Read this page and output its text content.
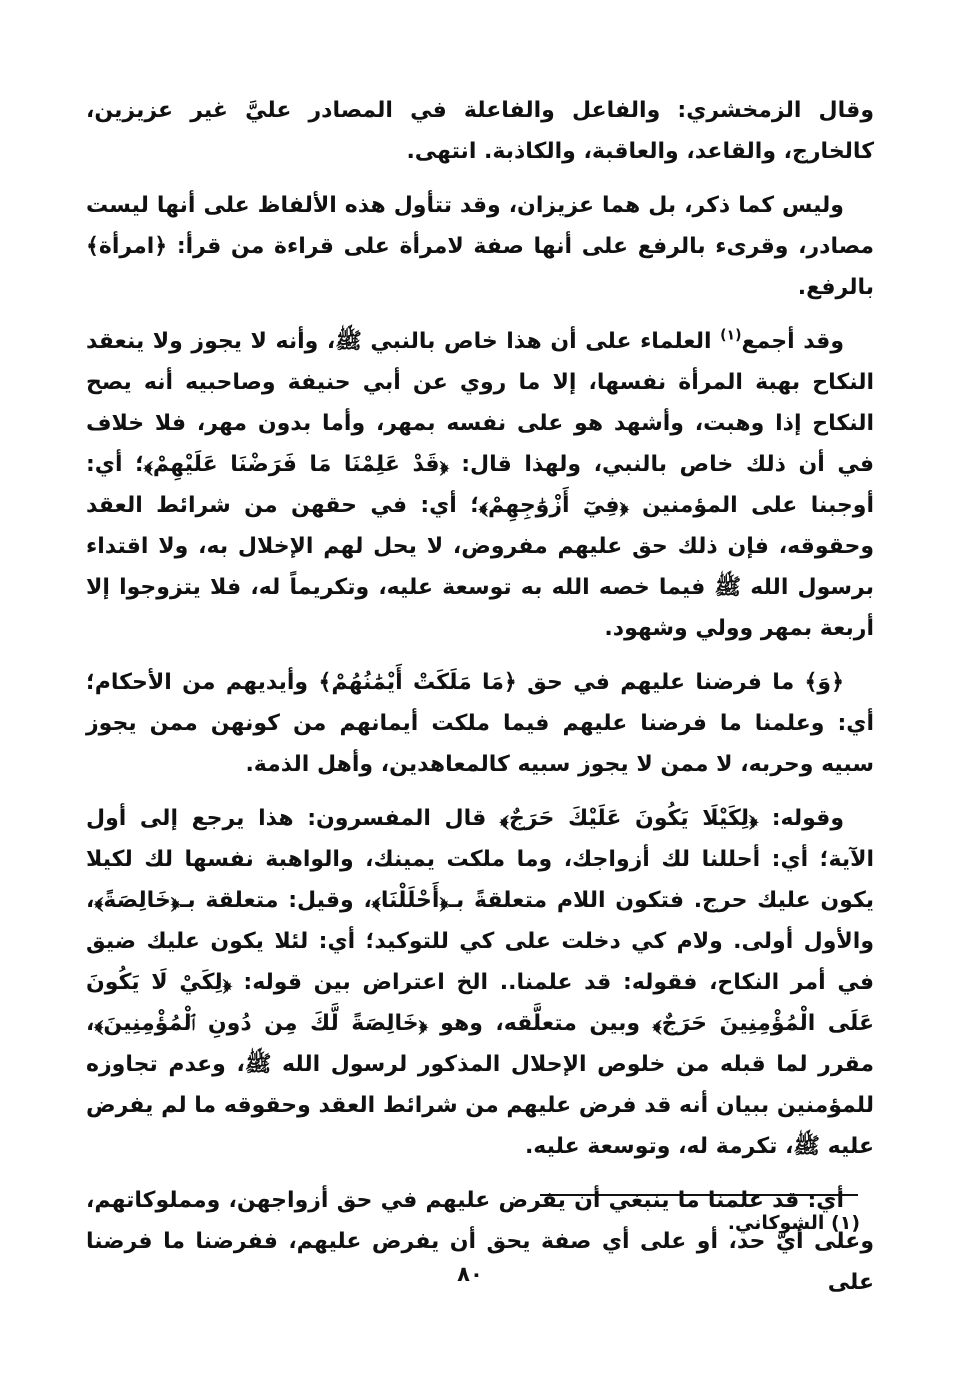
وقال الزمخشري: والفاعل والفاعلة في المصادر عليَّ غير عزيزين، كالخارج، والقاعد، والعاقبة، والكاذبة. انتهى.

وليس كما ذكر، بل هما عزيزان، وقد تتأول هذه الألفاظ على أنها ليست مصادر، وقرىء بالرفع على أنها صفة لامرأة على قراءة من قرأ: ﴿امرأة﴾ بالرفع.

وقد أجمع$^{(١)}$ العلماء على أن هذا خاص بالنبي ﷺ، وأنه لا يجوز ولا ينعقد النكاح بهبة المرأة نفسها، إلا ما روي عن أبي حنيفة وصاحبيه أنه يصح النكاح إذا وهبت، وأشهد هو على نفسه بمهر، وأما بدون مهر، فلا خلاف في أن ذلك خاص بالنبي، ولهذا قال: ﴿قَدْ عَلِمْنَا مَا فَرَضْنَا عَلَيْهِمْ﴾؛ أي: أوجبنا على المؤمنين ﴿فِيٓ أَزْوَٰجِهِمْ﴾؛ أي: في حقهن من شرائط العقد وحقوقه، فإن ذلك حق عليهم مفروض، لا يحل لهم الإخلال به، ولا اقتداء برسول الله ﷺ فيما خصه الله به توسعة عليه، وتكريماً له، فلا يتزوجوا إلا أربعة بمهر وولي وشهود.

﴿وَ﴾ ما فرضنا عليهم في حق ﴿مَا مَلَكَتْ أَيْمَٰنُهُمْ﴾ وأيديهم من الأحكام؛ أي: وعلمنا ما فرضنا عليهم فيما ملكت أيمانهم من كونهن ممن يجوز سبيه وحربه، لا ممن لا يجوز سبيه كالمعاهدين، وأهل الذمة.

وقوله: ﴿لِكَيْلَا يَكُونَ عَلَيْكَ حَرَجٌ﴾ قال المفسرون: هذا يرجع إلى أول الآية؛ أي: أحللنا لك أزواجك، وما ملكت يمينك، والواهبة نفسها لك لكيلا يكون عليك حرج. فتكون اللام متعلقةً بـ﴿أَحْلَلْنَا﴾، وقيل: متعلقة بـ﴿خَالِصَةً﴾، والأول أولى. ولام كي دخلت على كي للتوكيد؛ أي: لئلا يكون عليك ضيق في أمر النكاح، فقوله: قد علمنا.. الخ اعتراض بين قوله: ﴿لِكَيْ لَا يَكُونَ عَلَى الْمُؤْمِنِينَ حَرَجٌ﴾ وبين متعلَّقه، وهو ﴿خَالِصَةً لَّكَ مِن دُونِ ٱلْمُؤْمِنِينَ﴾، مقرر لما قبله من خلوص الإحلال المذكور لرسول الله ﷺ، وعدم تجاوزه للمؤمنين ببيان أنه قد فرض عليهم من شرائط العقد وحقوقه ما لم يفرض عليه ﷺ، تكرمة له، وتوسعة عليه.

أي: قد علمنا ما ينبغي أن يفرض عليهم في حق أزواجهن، ومملوكاتهم، وعلى أيّ حد، أو على أي صفة يحق أن يفرض عليهم، ففرضنا ما فرضنا على

(١) الشوكاني.
٨٠
